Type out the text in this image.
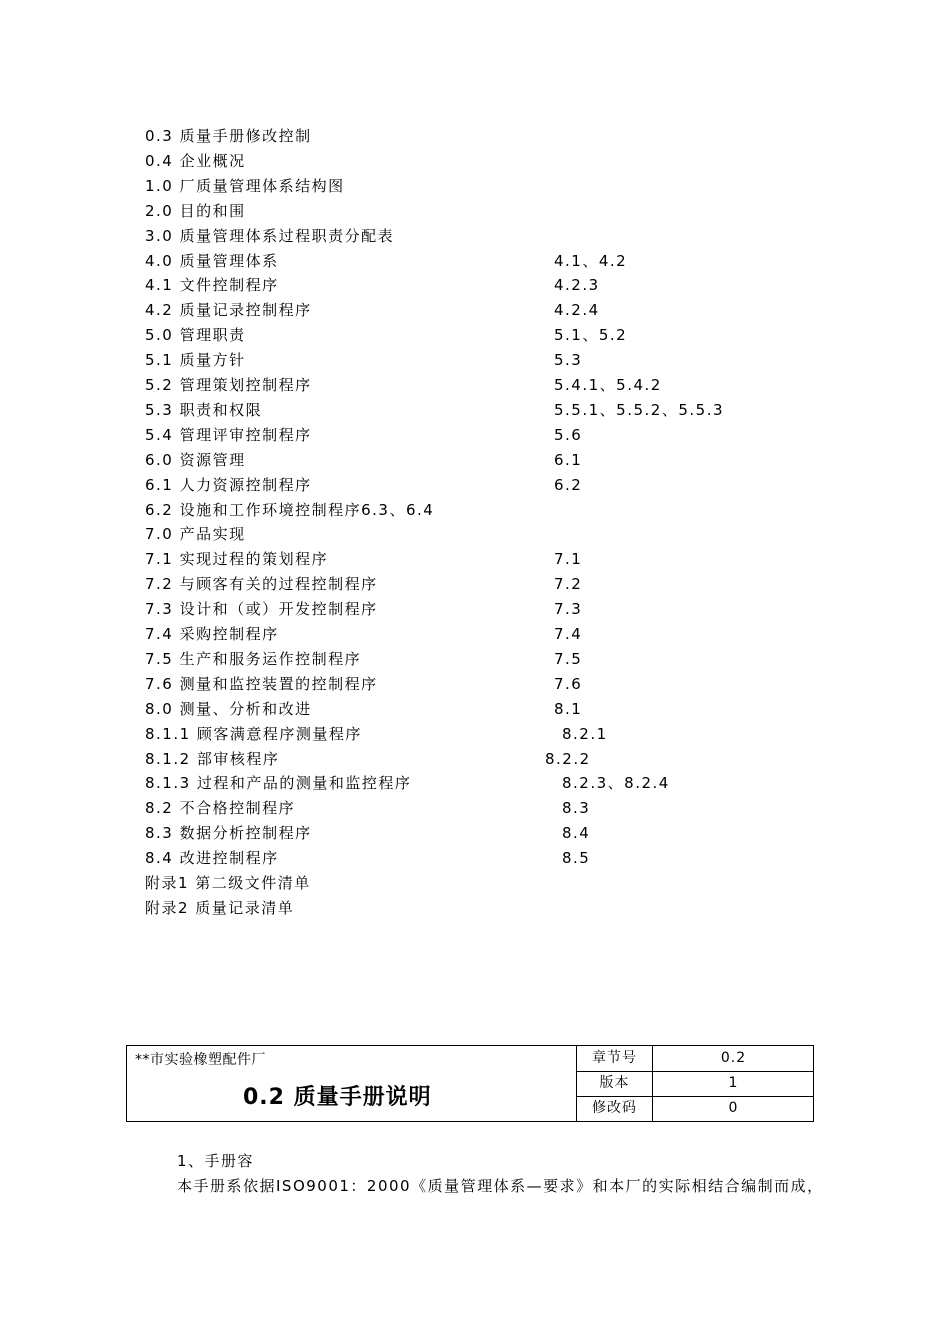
0.3 质量手册修改控制
0.4 企业概况
1.0 厂质量管理体系结构图
2.0 目的和围
3.0 质量管理体系过程职责分配表
4.0 质量管理体系	4.1、4.2
4.1 文件控制程序	4.2.3
4.2 质量记录控制程序	4.2.4
5.0 管理职责	5.1、5.2
5.1 质量方针	5.3
5.2 管理策划控制程序	5.4.1、5.4.2
5.3 职责和权限	5.5.1、5.5.2、5.5.3
5.4 管理评审控制程序	5.6
6.0 资源管理	6.1
6.1 人力资源控制程序	6.2
6.2 设施和工作环境控制程序6.3、6.4
7.0 产品实现
7.1 实现过程的策划程序	7.1
7.2 与顾客有关的过程控制程序	7.2
7.3 设计和（或）开发控制程序	7.3
7.4 采购控制程序	7.4
7.5 生产和服务运作控制程序	7.5
7.6 测量和监控装置的控制程序	7.6
8.0 测量、分析和改进	8.1
8.1.1 顾客满意程序测量程序	8.2.1
8.1.2 部审核程序	8.2.2
8.1.3 过程和产品的测量和监控程序	8.2.3、8.2.4
8.2 不合格控制程序	8.3
8.3 数据分析控制程序	8.4
8.4 改进控制程序	8.5
附录1 第二级文件清单
附录2 质量记录清单
**市实验橡塑配件厂
0.2 质量手册说明
章节号	0.2
版本	1
修改码	0
1、手册容
本手册系依据ISO9001：2000《质量管理体系—要求》和本厂的实际相结合编制而成，
